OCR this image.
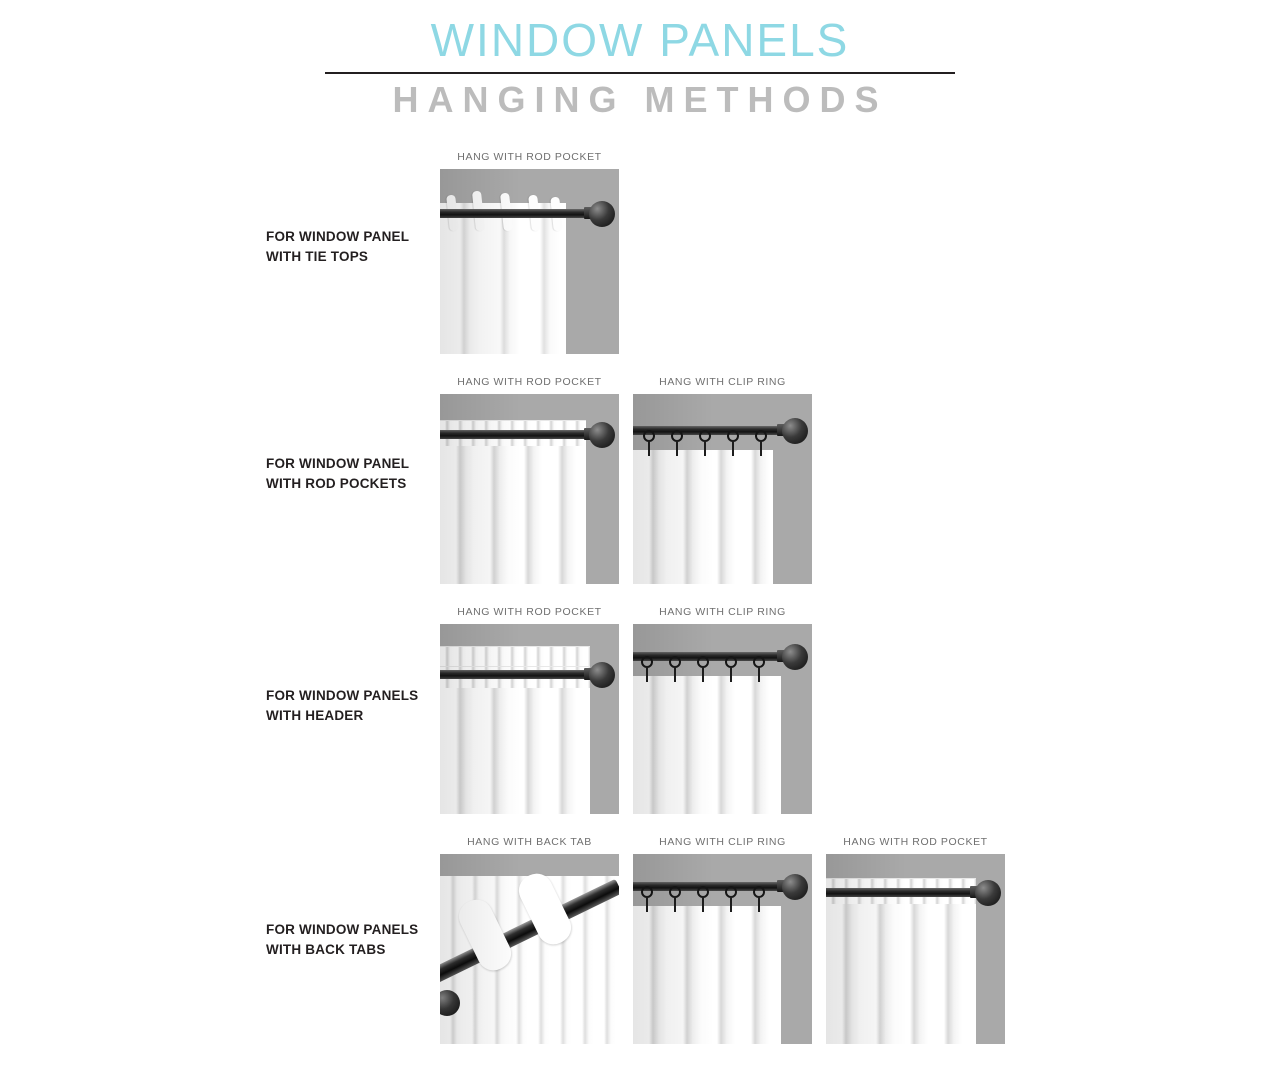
WINDOW PANELS
HANGING METHODS
FOR WINDOW PANEL
WITH TIE TOPS
HANG WITH ROD POCKET
FOR WINDOW PANEL
WITH ROD POCKETS
HANG WITH ROD POCKET	HANG WITH CLIP RING
FOR WINDOW PANELS
WITH HEADER
HANG WITH ROD POCKET	HANG WITH CLIP RING
FOR WINDOW PANELS
WITH BACK TABS
HANG WITH BACK TAB	HANG WITH CLIP RING	HANG WITH ROD POCKET
